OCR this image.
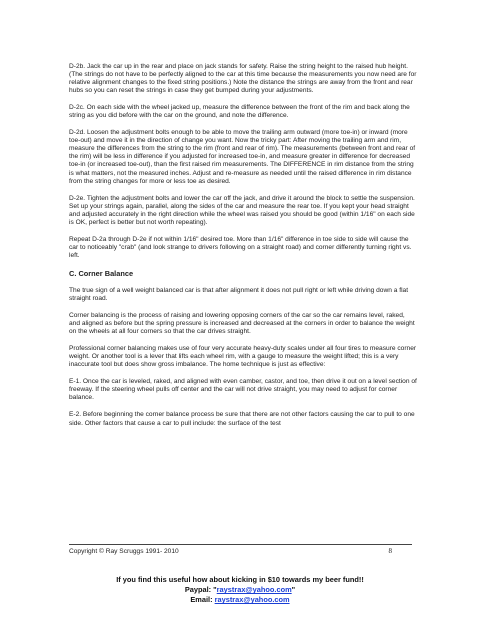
D-2b. Jack the car up in the rear and place on jack stands for safety. Raise the string height to the raised hub height. (The strings do not have to be perfectly aligned to the car at this time because the measurements you now need are for relative alignment changes to the fixed string positions.) Note the distance the strings are away from the front and rear hubs so you can reset the strings in case they get bumped during your adjustments.

D-2c. On each side with the wheel jacked up, measure the difference between the front of the rim and back along the string as you did before with the car on the ground, and note the difference.

D-2d. Loosen the adjustment bolts enough to be able to move the trailing arm outward (more toe-in) or inward (more toe-out) and move it in the direction of change you want. Now the tricky part: After moving the trailing arm and rim, measure the differences from the string to the rim (front and rear of rim). The measurements (between front and rear of the rim) will be less in difference if you adjusted for increased toe-in, and measure greater in difference for decreased toe-in (or increased toe-out), than the first raised rim measurements. The DIFFERENCE in rim distance from the string is what matters, not the measured inches. Adjust and re-measure as needed until the raised difference in rim distance from the string changes for more or less toe as desired.

D-2e. Tighten the adjustment bolts and lower the car off the jack, and drive it around the block to settle the suspension. Set up your strings again, parallel, along the sides of the car and measure the rear toe. If you kept your head straight and adjusted accurately in the right direction while the wheel was raised you should be good (within 1/16" on each side is OK, perfect is better but not worth repeating).

Repeat D-2a through D-2e if not within 1/16" desired toe. More than 1/16" difference in toe side to side will cause the car to noticeably "crab" (and look strange to drivers following on a straight road) and corner differently turning right vs. left.

C. Corner Balance

The true sign of a well weight balanced car is that after alignment it does not pull right or left while driving down a flat straight road.

Corner balancing is the process of raising and lowering opposing corners of the car so the car remains level, raked, and aligned as before but the spring pressure is increased and decreased at the corners in order to balance the weight on the wheels at all four corners so that the car drives straight.

Professional corner balancing makes use of four very accurate heavy-duty scales under all four tires to measure corner weight. Or another tool is a lever that lifts each wheel rim, with a gauge to measure the weight lifted; this is a very inaccurate tool but does show gross imbalance. The home technique is just as effective:

E-1. Once the car is leveled, raked, and aligned with even camber, castor, and toe, then drive it out on a level section of freeway. If the steering wheel pulls off center and the car will not drive straight, you may need to adjust for corner balance.

E-2. Before beginning the corner balance process be sure that there are not other factors causing the car to pull to one side. Other factors that cause a car to pull include: the surface of the test

Copyright © Ray Scruggs 1991- 2010	8
If you find this useful how about kicking in $10 towards my beer fund!!
Paypal: "raystrax@yahoo.com"
Email: raystrax@yahoo.com
